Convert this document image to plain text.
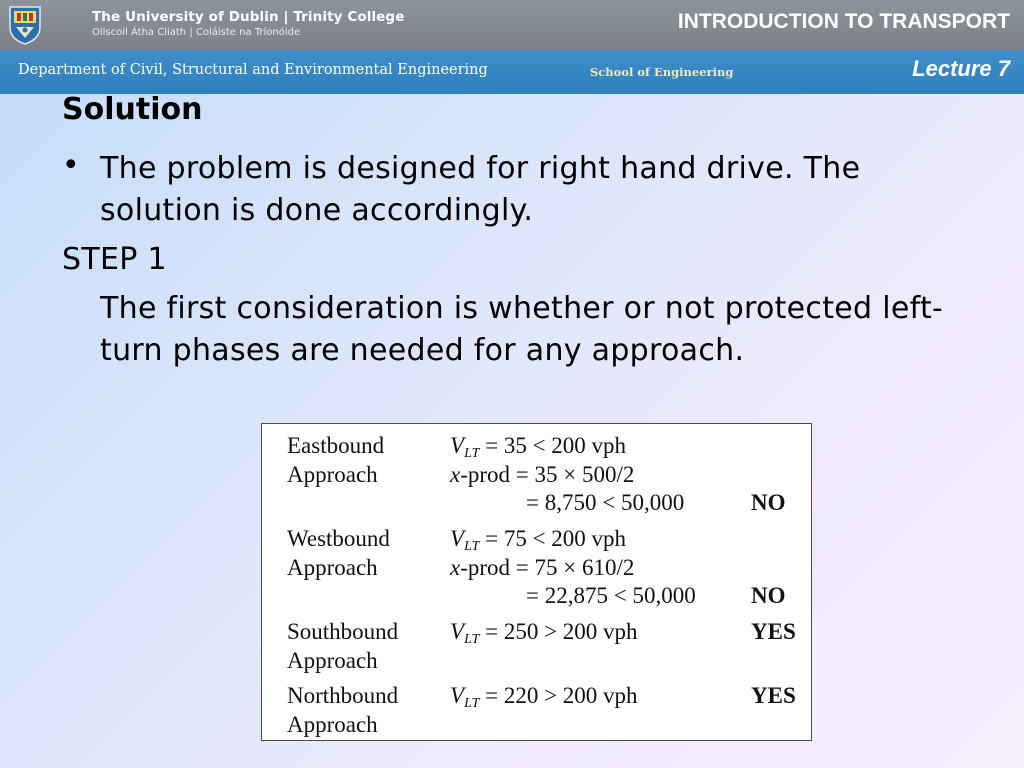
The University of Dublin | Trinity College
Ollscoil Átha Cliath | Coláiste na Tríonóide	INTRODUCTION TO TRANSPORT
Department of Civil, Structural and Environmental Engineering	School of Engineering	Lecture 7
Solution
• The problem is designed for right hand drive. The solution is done accordingly.
STEP 1
The first consideration is whether or not protected left-turn phases are needed for any approach.
Eastbound
Approach
$V_{LT} = 35 < 200$ vph
x-prod = 35 × 500/2
= 8,750 < 50,000	NO
Westbound
Approach
$V_{LT} = 75 < 200$ vph
x-prod = 75 × 610/2
= 22,875 < 50,000 NO
Southbound
Approach
$V_{LT} = 250 > 200$ vph	YES
Northbound
Approach
$V_{LT} = 220 > 200$ vph	YES
